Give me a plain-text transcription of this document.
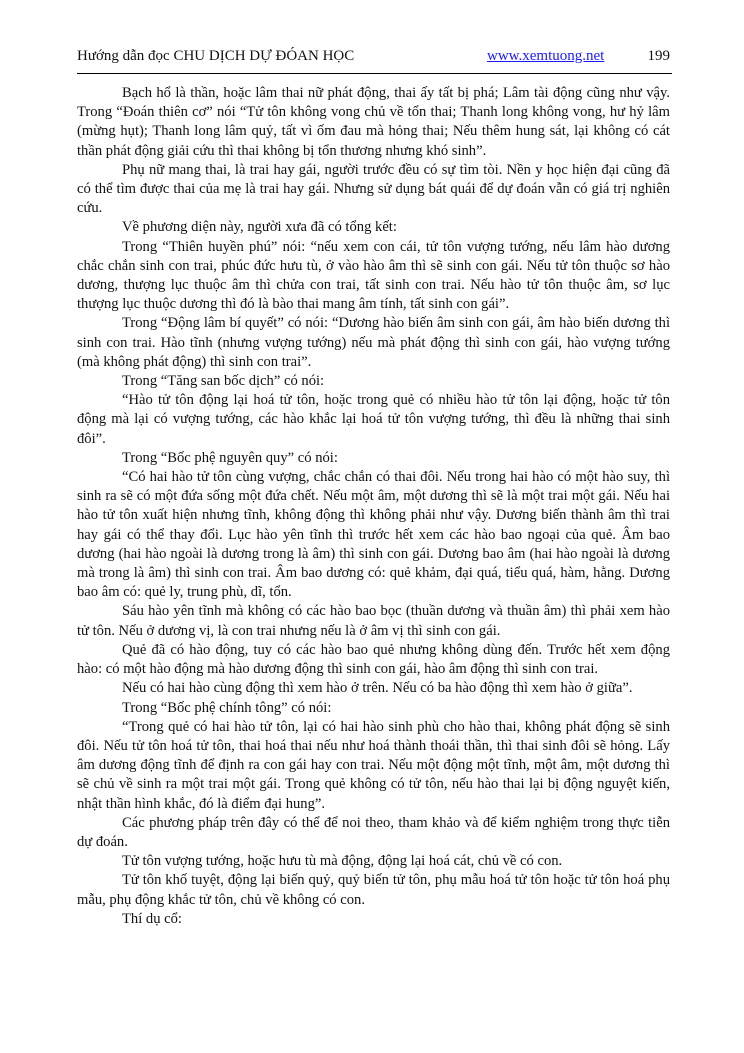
Hướng dẫn đọc CHU DỊCH DỰ ĐÓAN HỌC	www.xemtuong.net	199

Bạch hổ là thần, hoặc lâm thai nữ phát động, thai ấy tất bị phá; Lâm tài động cũng như vậy. Trong “Đoán thiên cơ” nói “Tử tôn không vong chủ về tổn thai; Thanh long không vong, hư hỷ lâm (mừng hụt); Thanh long lâm quỷ, tất vì ốm đau mà hỏng thai; Nếu thêm hung sát, lại không có cát thần phát động giải cứu thì thai không bị tổn thương nhưng khó sinh”.

Phụ nữ mang thai, là trai hay gái, người trước đều có sự tìm tòi. Nền y học hiện đại cũng đã có thể tìm được thai của mẹ là trai hay gái. Nhưng sử dụng bát quái để dự đoán vẫn có giá trị nghiên cứu.

Về phương diện này, người xưa đã có tổng kết:

Trong “Thiên huyền phú” nói: “nếu xem con cái, tử tôn vượng tướng, nếu lâm hào dương chắc chắn sinh con trai, phúc đức hưu tù, ở vào hào âm thì sẽ sinh con gái. Nếu tử tôn thuộc sơ hào dương, thượng lục thuộc âm thì chửa con trai, tất sinh con trai. Nếu hào tử tôn thuộc âm, sơ lục thượng lục thuộc dương thì đó là bào thai mang âm tính, tất sinh con gái”.

Trong “Động lâm bí quyết” có nói: “Dương hào biến âm sinh con gái, âm hào biến dương thì sinh con trai. Hào tĩnh (nhưng vượng tướng) nếu mà phát động thì sinh con gái, hào vượng tướng (mà không phát động) thì sinh con trai”.

Trong “Tăng san bốc dịch” có nói:

“Hào tử tôn động lại hoá tử tôn, hoặc trong quẻ có nhiều hào tử tôn lại động, hoặc tử tôn động mà lại có vượng tướng, các hào khắc lại hoá tử tôn vượng tướng, thì đều là những thai sinh đôi”.

Trong “Bốc phệ nguyên quy” có nói:

“Có hai hào tử tôn cùng vượng, chắc chắn có thai đôi. Nếu trong hai hào có một hào suy, thì sinh ra sẽ có một đứa sống một đứa chết. Nếu một âm, một dương thì sẽ là một trai một gái. Nếu hai hào tử tôn xuất hiện nhưng tĩnh, không động thì không phải như vậy. Dương biến thành âm thì trai hay gái có thể thay đổi. Lục hào yên tĩnh thì trước hết xem các hào bao ngoại của quẻ. Âm bao dương (hai hào ngoài là dương trong là âm) thì sinh con gái. Dương bao âm (hai hào ngoài là dương mà trong là âm) thì sinh con trai. Âm bao dương có: quẻ khảm, đại quá, tiểu quá, hàm, hằng. Dương bao âm có: quẻ ly, trung phù, dĩ, tổn.

Sáu hào yên tĩnh mà không có các hào bao bọc (thuần dương và thuần âm) thì phải xem hào tử tôn. Nếu ở dương vị, là con trai nhưng nếu là ở âm vị thì sinh con gái.

Quẻ đã có hào động, tuy có các hào bao quẻ nhưng không dùng đến. Trước hết xem động hào: có một hào động mà hào dương động thì sinh con gái, hào âm động thì sinh con trai.

Nếu có hai hào cùng động thì xem hào ở trên. Nếu có ba hào động thì xem hào ở giữa”.

Trong “Bốc phệ chính tông” có nói:

“Trong quẻ có hai hào tử tôn, lại có hai hào sinh phù cho hào thai, không phát động sẽ sinh đôi. Nếu tử tôn hoá tử tôn, thai hoá thai nếu như hoá thành thoái thần, thì thai sinh đôi sẽ hỏng. Lấy âm dương động tĩnh để định ra con gái hay con trai. Nếu một động một tĩnh, một âm, một dương thì sẽ chủ về sinh ra một trai một gái. Trong quẻ không có tử tôn, nếu hào thai lại bị động nguyệt kiến, nhật thần hình khắc, đó là điểm đại hung”.

Các phương pháp trên đây có thể để noi theo, tham khảo và để kiểm nghiệm trong thực tiễn dự đoán.

Tử tôn vượng tướng, hoặc hưu tù mà động, động lại hoá cát, chủ về có con.

Tử tôn khố tuyệt, động lại biến quỷ, quỷ biến tử tôn, phụ mẫu hoá tử tôn hoặc tử tôn hoá phụ mẫu, phụ động khắc tử tôn, chủ về không có con.

Thí dụ cổ:
